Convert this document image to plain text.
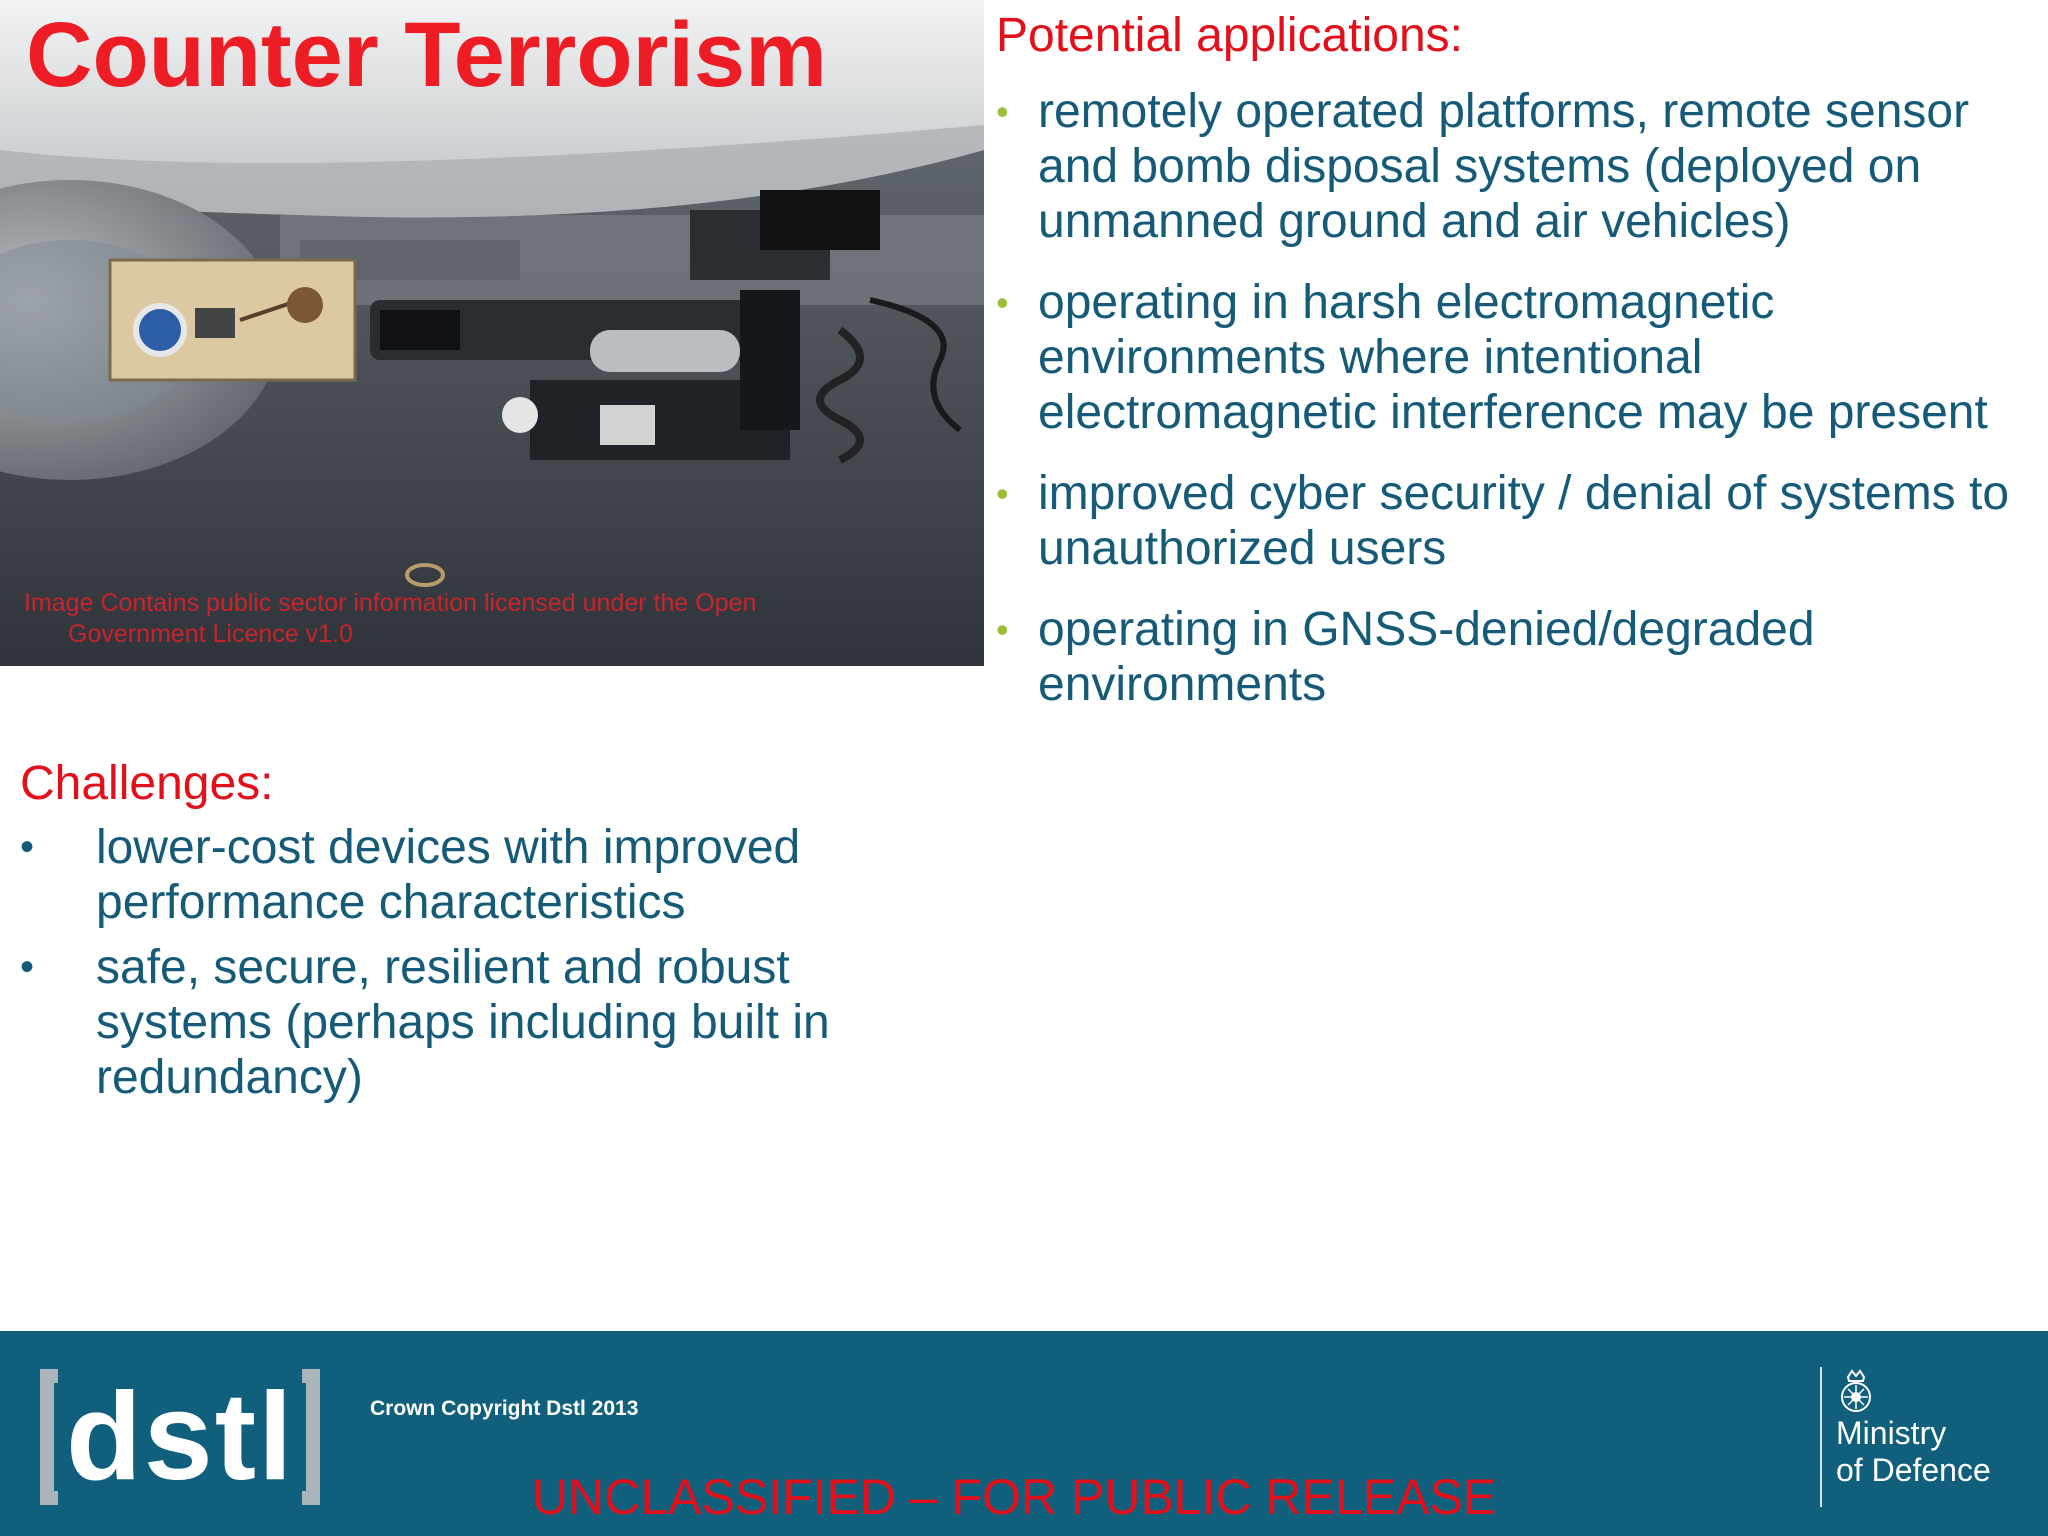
Image Contains public sector information licensed under the Open
Government Licence v1.0
Counter Terrorism	Potential applications:
• remotely operated platforms, remote sensor and bomb disposal systems (deployed on unmanned ground and air vehicles)
• operating in harsh electromagnetic environments where intentional electromagnetic interference may be present
• improved cyber security / denial of systems to unauthorized users
• operating in GNSS-denied/degraded environments
Challenges:
• lower-cost devices with improved performance characteristics
• safe, secure, resilient and robust systems (perhaps including built in redundancy)
dstl	Crown Copyright Dstl 2013
UNCLASSIFIED – FOR PUBLIC RELEASE
Ministry
of Defence
